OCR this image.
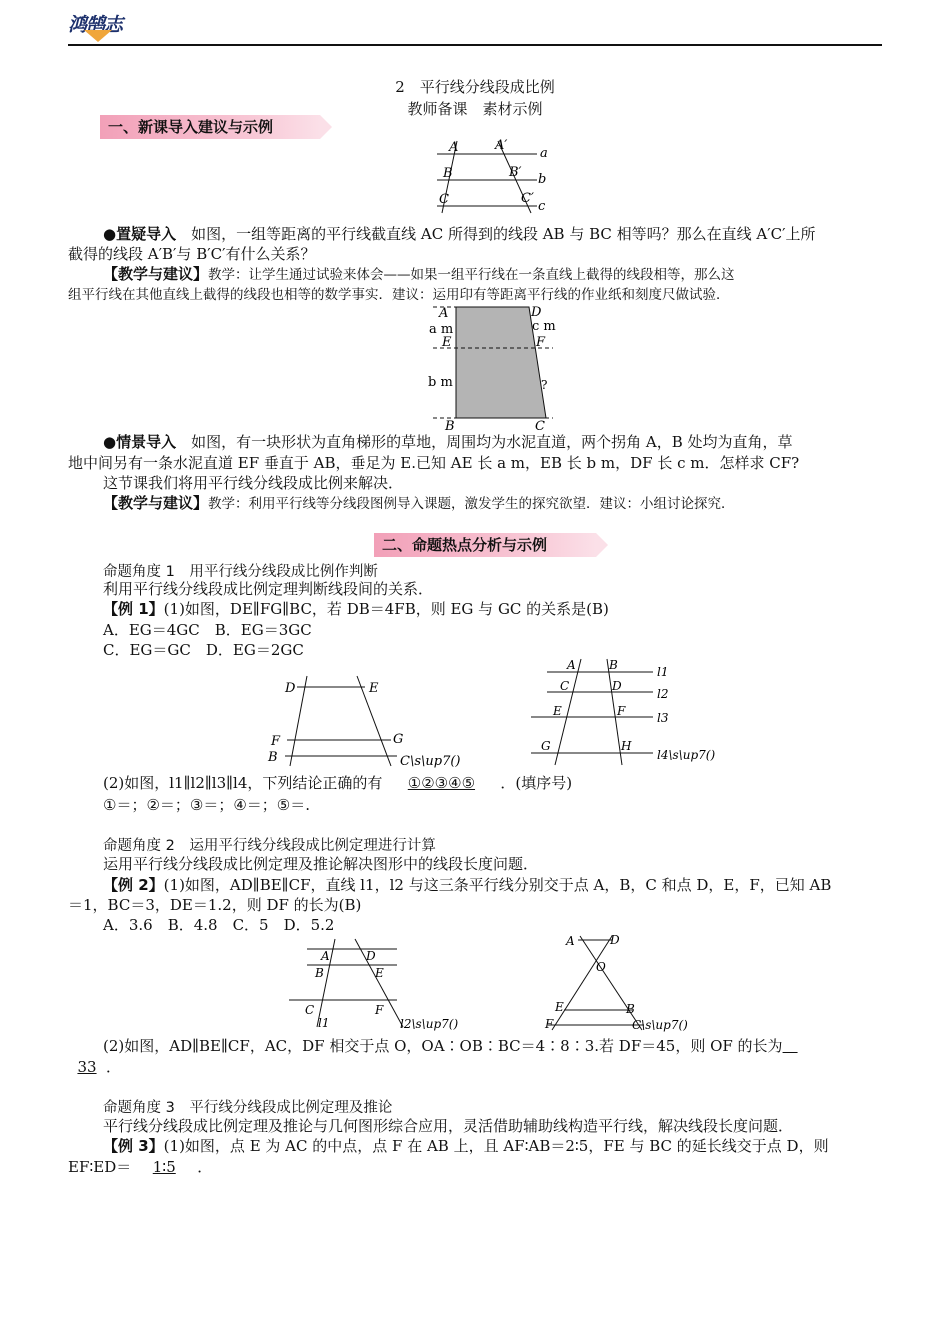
鸿鹄志
2　平行线分线段成比例
教师备课　素材示例
一、新课导入建议与示例
A	A′
a
B	B′ b
C	C′
c
●置疑导入　如图，一组等距离的平行线截直线 AC 所得到的线段 AB 与 BC 相等吗？那么在直线 A′C′上所
截得的线段 A′B′与 B′C′有什么关系？
【教学与建议】教学：让学生通过试验来体会——如果一组平行线在一条直线上截得的线段相等，那么这
组平行线在其他直线上截得的线段也相等的数学事实．建议：运用印有等距离平行线的作业纸和刻度尺做试验．
A	D
a m	c m
E	F
b m	?
B	C
●情景导入　如图，有一块形状为直角梯形的草地，周围均为水泥直道，两个拐角 A，B 处均为直角，草
地中间另有一条水泥直道 EF 垂直于 AB，垂足为 E.已知 AE 长 a m，EB 长 b m，DF 长 c m．怎样求 CF?
这节课我们将用平行线分线段成比例来解决．
【教学与建议】教学：利用平行线等分线段图例导入课题，激发学生的探究欲望．建议：小组讨论探究．
二、命题热点分析与示例
命题角度 1　用平行线分线段成比例作判断
利用平行线分线段成比例定理判断线段间的关系．
【例 1】(1)如图，DE∥FG∥BC，若 DB＝4FB，则 EG 与 GC 的关系是(B)
A．EG＝4GC　B．EG＝3GC
C．EG＝GC　D．EG＝2GC
D	E
F	G
B	C\s\up7()
A	B	l1
C	D
l2
E	F	l3
G	H
l4\s\up7()
(2)如图，l1∥l2∥l3∥l4，下列结论正确的有 ①②③④⑤ ．(填序号)
①＝；②＝；③＝；④＝；⑤＝.
命题角度 2　运用平行线分线段成比例定理进行计算
运用平行线分线段成比例定理及推论解决图形中的线段长度问题．
【例 2】(1)如图，AD∥BE∥CF，直线 l1，l2 与这三条平行线分别交于点 A，B，C 和点 D，E，F，已知 AB
＝1，BC＝3，DE＝1.2，则 DF 的长为(B)
A．3.6　B．4.8　C．5　D．5.2
A	D
B	E
C	F
l1	l2\s\up7()
A	D
O
E	B
F	C\s\up7()
(2)如图，AD∥BE∥CF，AC，DF 相交于点 O，OA∶OB∶BC＝4∶8∶3.若 DF＝45，则 OF 的长为 
33 ．
命题角度 3　平行线分线段成比例定理及推论
平行线分线段成比例定理及推论与几何图形综合应用，灵活借助辅助线构造平行线，解决线段长度问题．
【例 3】(1)如图，点 E 为 AC 的中点，点 F 在 AB 上，且 AF∶AB＝2∶5，FE 与 BC 的延长线交于点 D，则
EF∶ED＝ 1∶5 ．
